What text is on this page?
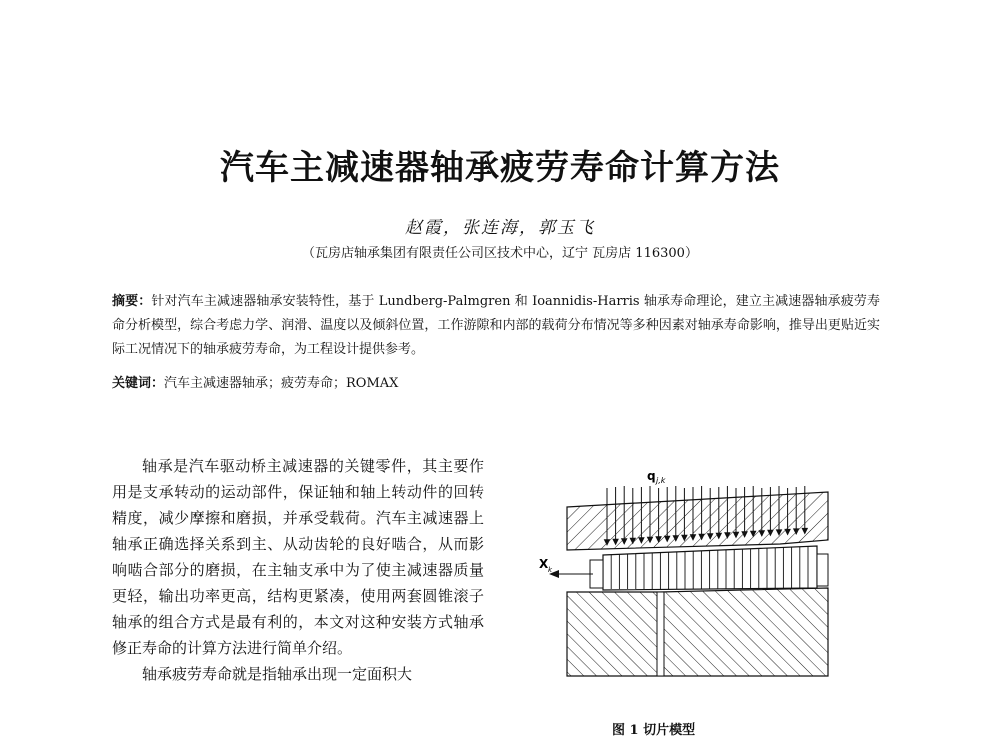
汽车主减速器轴承疲劳寿命计算方法
赵霞，张连海，郭玉飞
（瓦房店轴承集团有限责任公司区技术中心，辽宁 瓦房店 116300）
摘要：针对汽车主减速器轴承安装特性，基于 Lundberg-Palmgren 和 Ioannidis-Harris 轴承寿命理论，建立主减速器轴承疲劳寿命分析模型，综合考虑力学、润滑、温度以及倾斜位置，工作游隙和内部的载荷分布情况等多种因素对轴承寿命影响，推导出更贴近实际工况情况下的轴承疲劳寿命，为工程设计提供参考。
关键词：汽车主减速器轴承；疲劳寿命；ROMAX

轴承是汽车驱动桥主减速器的关键零件，其主要作用是支承转动的运动部件，保证轴和轴上转动件的回转精度，减少摩擦和磨损，并承受载荷。汽车主减速器上轴承正确选择关系到主、从动齿轮的良好啮合，从而影响啮合部分的磨损，在主轴支承中为了使主减速器质量更轻，输出功率更高，结构更紧凑，使用两套圆锥滚子轴承的组合方式是最有利的，本文对这种安装方式轴承修正寿命的计算方法进行简单介绍。

轴承疲劳寿命就是指轴承出现一定面积大

q j,k
X k
图 1 切片模型
